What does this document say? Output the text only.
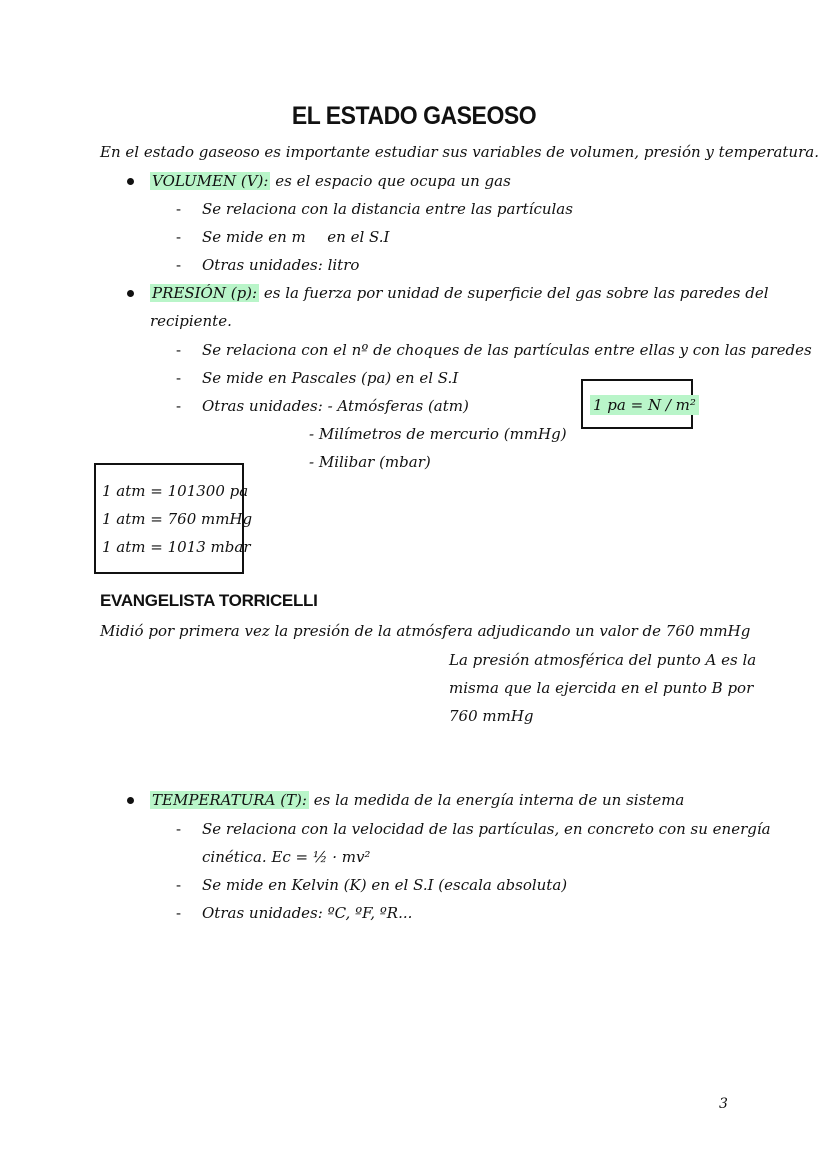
EL ESTADO GASEOSO
En el estado gaseoso es importante estudiar sus variables de volumen, presión y temperatura.
VOLUMEN (V): es el espacio que ocupa un gas
- Se relaciona con la distancia entre las partículas
- Se mide en m en el S.I
- Otras unidades: litro
PRESIÓN (p): es la fuerza por unidad de superficie del gas sobre las paredes del
recipiente.
- Se relaciona con el nº de choques de las partículas entre ellas y con las paredes
- Se mide en Pascales (pa) en el S.I
- Otras unidades: - Atmósferas (atm)
- Milímetros de mercurio (mmHg)
- Milibar (mbar)
1 pa = N / m²
1 atm = 101300 pa
1 atm = 760 mmHg
1 atm = 1013 mbar
EVANGELISTA TORRICELLI
Midió por primera vez la presión de la atmósfera adjudicando un valor de 760 mmHg
La presión atmosférica del punto A es la
misma que la ejercida en el punto B por
760 mmHg
TEMPERATURA (T): es la medida de la energía interna de un sistema
- Se relaciona con la velocidad de las partículas, en concreto con su energía
cinética. Ec = ½ · mv²
- Se mide en Kelvin (K) en el S.I (escala absoluta)
- Otras unidades: ºC, ºF, ºR...
3
